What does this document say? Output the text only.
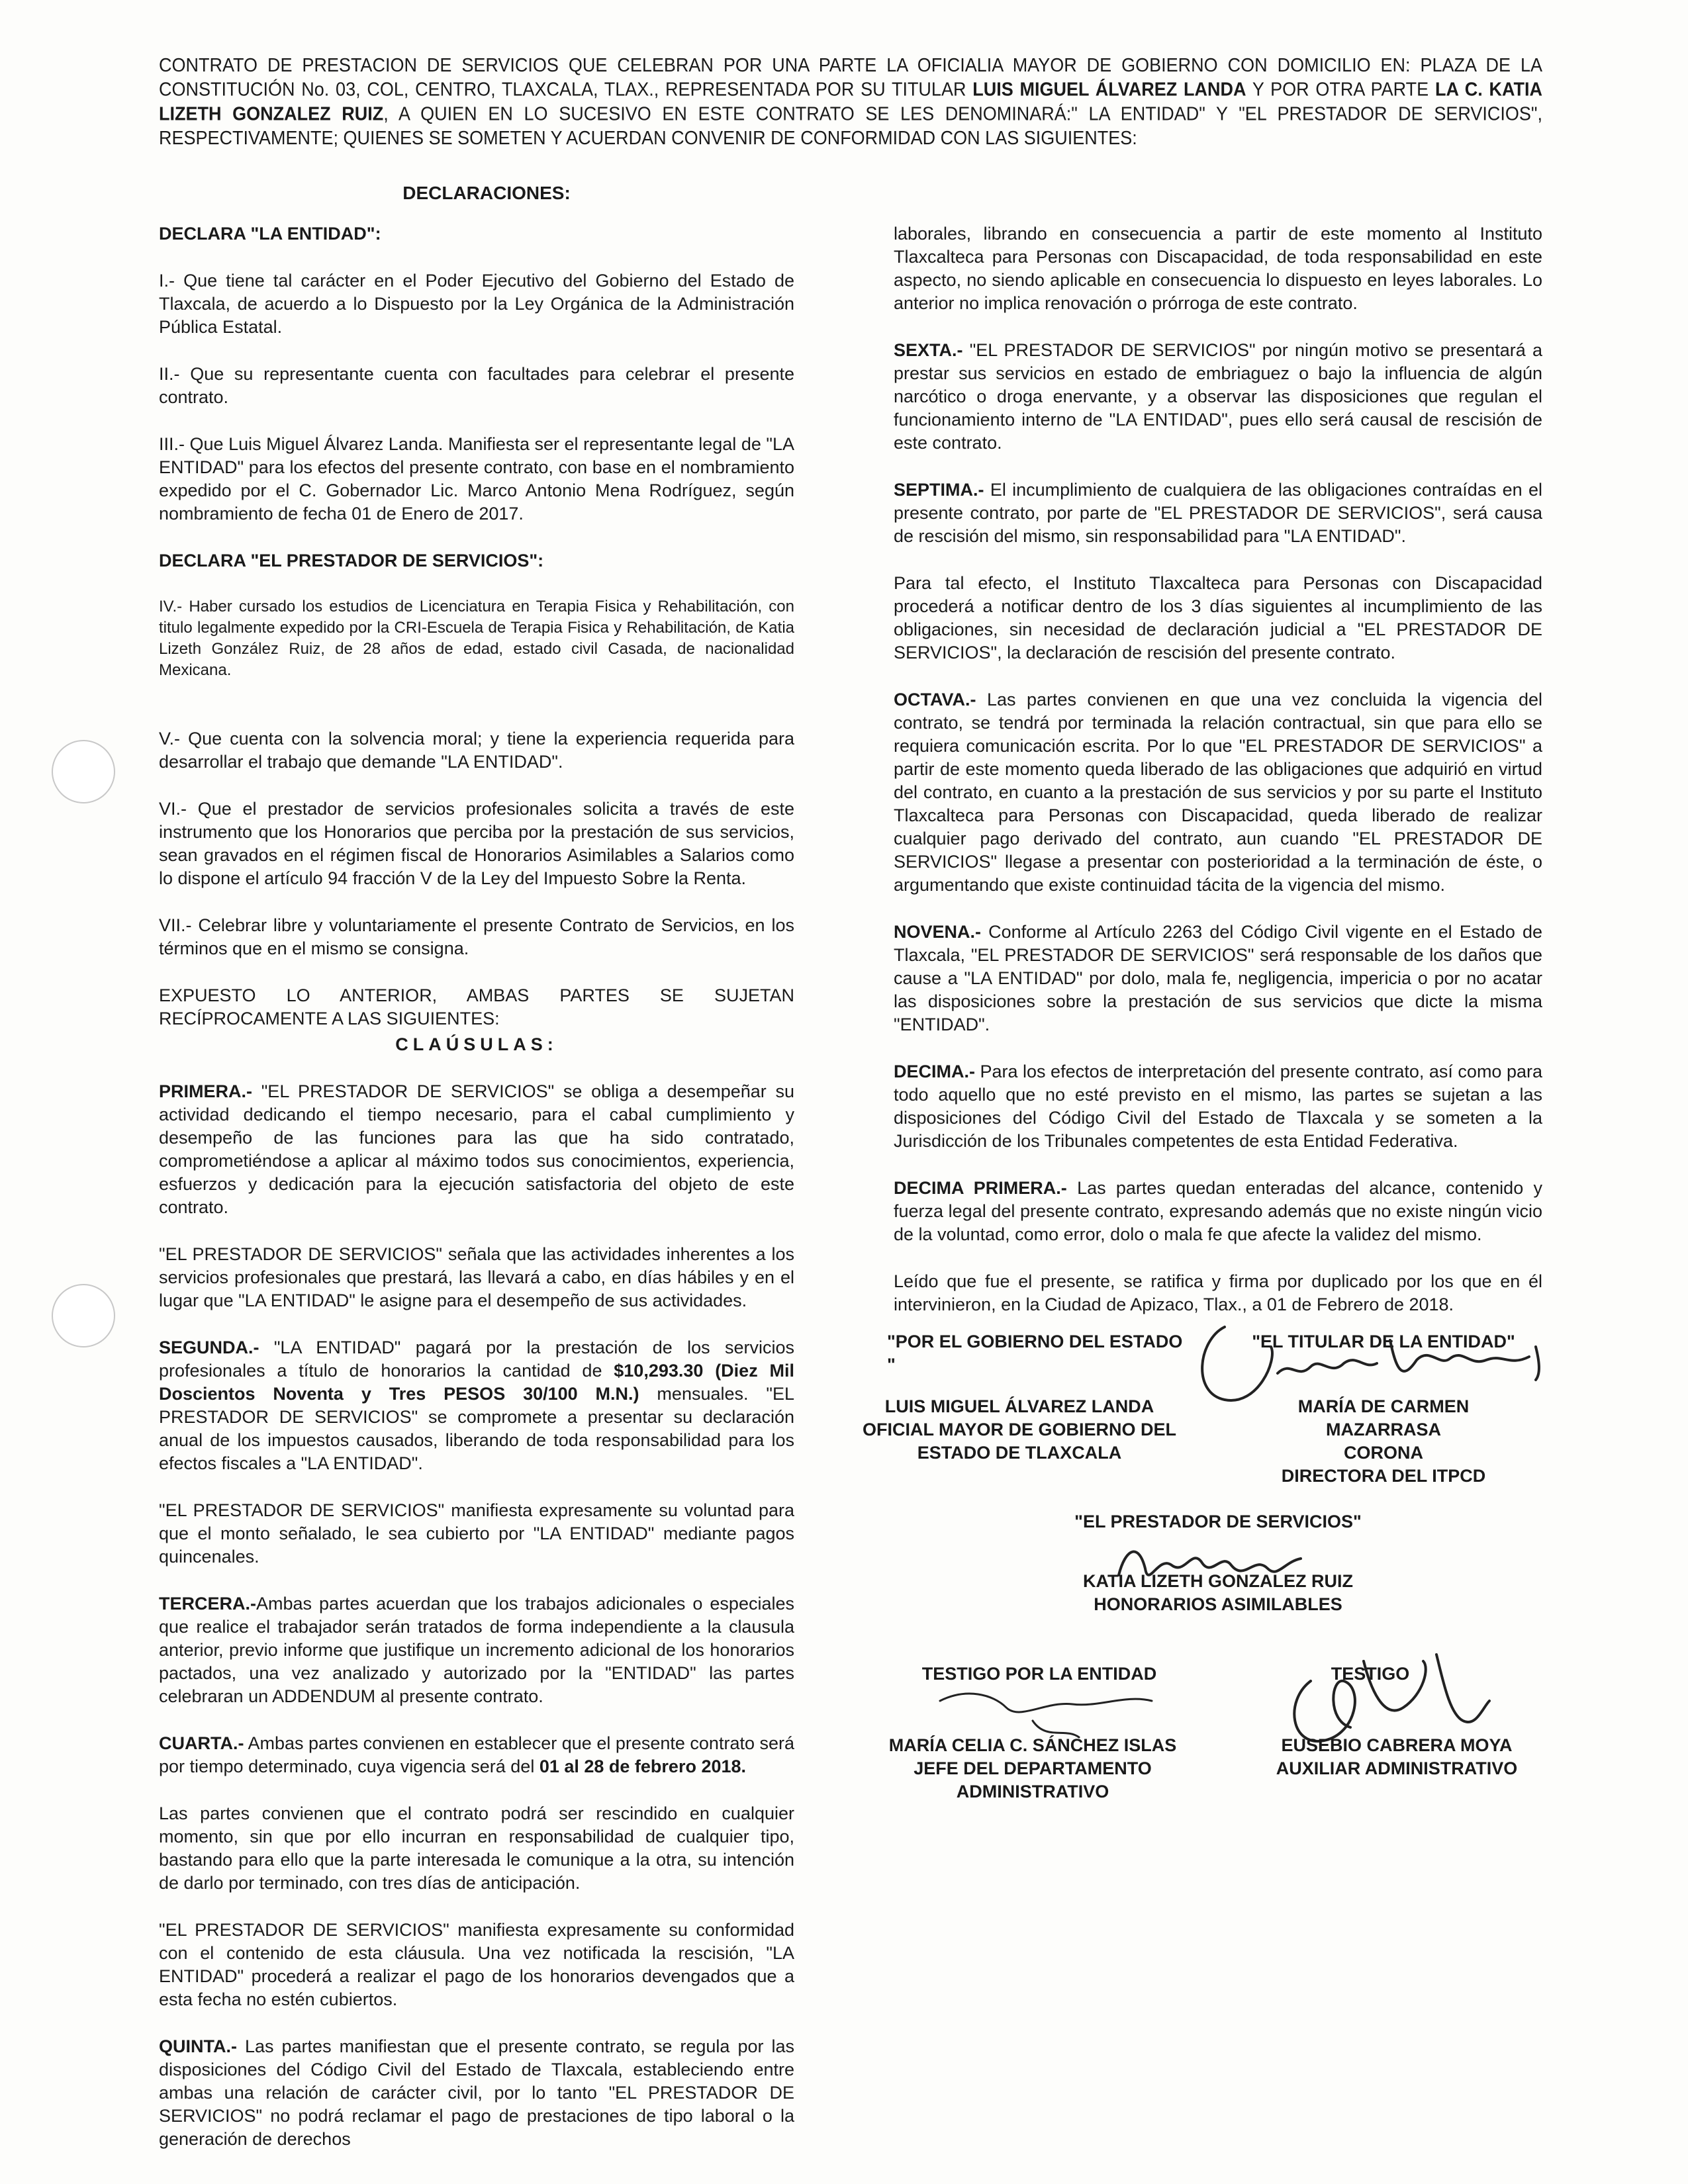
CONTRATO DE PRESTACION DE SERVICIOS QUE CELEBRAN POR UNA PARTE LA OFICIALIA MAYOR DE GOBIERNO CON DOMICILIO EN: PLAZA DE LA CONSTITUCIÓN No. 03, COL, CENTRO, TLAXCALA, TLAX., REPRESENTADA POR SU TITULAR LUIS MIGUEL ÁLVAREZ LANDA Y POR OTRA PARTE LA C. KATIA LIZETH GONZALEZ RUIZ, A QUIEN EN LO SUCESIVO EN ESTE CONTRATO SE LES DENOMINARÁ:" LA ENTIDAD" Y "EL PRESTADOR DE SERVICIOS", RESPECTIVAMENTE; QUIENES SE SOMETEN Y ACUERDAN CONVENIR DE CONFORMIDAD CON LAS SIGUIENTES:
DECLARACIONES:

DECLARA "LA ENTIDAD":

I.- Que tiene tal carácter en el Poder Ejecutivo del Gobierno del Estado de Tlaxcala, de acuerdo a lo Dispuesto por la Ley Orgánica de la Administración Pública Estatal.

II.- Que su representante cuenta con facultades para celebrar el presente contrato.

III.- Que Luis Miguel Álvarez Landa. Manifiesta ser el representante legal de "LA ENTIDAD" para los efectos del presente contrato, con base en el nombramiento expedido por el C. Gobernador Lic. Marco Antonio Mena Rodríguez, según nombramiento de fecha 01 de Enero de 2017.

DECLARA "EL PRESTADOR DE SERVICIOS":

IV.- Haber cursado los estudios de Licenciatura en Terapia Fisica y Rehabilitación, con titulo legalmente expedido por la CRI-Escuela de Terapia Fisica y Rehabilitación, de Katia Lizeth González Ruiz, de 28 años de edad, estado civil Casada, de nacionalidad Mexicana.

V.- Que cuenta con la solvencia moral; y tiene la experiencia requerida para desarrollar el trabajo que demande "LA ENTIDAD".

VI.- Que el prestador de servicios profesionales solicita a través de este instrumento que los Honorarios que perciba por la prestación de sus servicios, sean gravados en el régimen fiscal de Honorarios Asimilables a Salarios como lo dispone el artículo 94 fracción V de la Ley del Impuesto Sobre la Renta.

VII.- Celebrar libre y voluntariamente el presente Contrato de Servicios, en los términos que en el mismo se consigna.

EXPUESTO LO ANTERIOR, AMBAS PARTES SE SUJETAN RECÍPROCAMENTE A LAS SIGUIENTES:

CLAÚSULAS:

PRIMERA.- "EL PRESTADOR DE SERVICIOS" se obliga a desempeñar su actividad dedicando el tiempo necesario, para el cabal cumplimiento y desempeño de las funciones para las que ha sido contratado, comprometiéndose a aplicar al máximo todos sus conocimientos, experiencia, esfuerzos y dedicación para la ejecución satisfactoria del objeto de este contrato.

"EL PRESTADOR DE SERVICIOS" señala que las actividades inherentes a los servicios profesionales que prestará, las llevará a cabo, en días hábiles y en el lugar que "LA ENTIDAD" le asigne para el desempeño de sus actividades.

SEGUNDA.- "LA ENTIDAD" pagará por la prestación de los servicios profesionales a título de honorarios la cantidad de $10,293.30 (Diez Mil Doscientos Noventa y Tres PESOS 30/100 M.N.) mensuales. "EL PRESTADOR DE SERVICIOS" se compromete a presentar su declaración anual de los impuestos causados, liberando de toda responsabilidad para los efectos fiscales a "LA ENTIDAD".

"EL PRESTADOR DE SERVICIOS" manifiesta expresamente su voluntad para que el monto señalado, le sea cubierto por "LA ENTIDAD" mediante pagos quincenales.

TERCERA.-Ambas partes acuerdan que los trabajos adicionales o especiales que realice el trabajador serán tratados de forma independiente a la clausula anterior, previo informe que justifique un incremento adicional de los honorarios pactados, una vez analizado y autorizado por la "ENTIDAD" las partes celebraran un ADDENDUM al presente contrato.

CUARTA.- Ambas partes convienen en establecer que el presente contrato será por tiempo determinado, cuya vigencia será del 01 al 28 de febrero 2018.

Las partes convienen que el contrato podrá ser rescindido en cualquier momento, sin que por ello incurran en responsabilidad de cualquier tipo, bastando para ello que la parte interesada le comunique a la otra, su intención de darlo por terminado, con tres días de anticipación.

"EL PRESTADOR DE SERVICIOS" manifiesta expresamente su conformidad con el contenido de esta cláusula. Una vez notificada la rescisión, "LA ENTIDAD" procederá a realizar el pago de los honorarios devengados que a esta fecha no estén cubiertos.

QUINTA.- Las partes manifiestan que el presente contrato, se regula por las disposiciones del Código Civil del Estado de Tlaxcala, estableciendo entre ambas una relación de carácter civil, por lo tanto "EL PRESTADOR DE SERVICIOS" no podrá reclamar el pago de prestaciones de tipo laboral o la generación de derechos

laborales, librando en consecuencia a partir de este momento al Instituto Tlaxcalteca para Personas con Discapacidad, de toda responsabilidad en este aspecto, no siendo aplicable en consecuencia lo dispuesto en leyes laborales. Lo anterior no implica renovación o prórroga de este contrato.

SEXTA.- "EL PRESTADOR DE SERVICIOS" por ningún motivo se presentará a prestar sus servicios en estado de embriaguez o bajo la influencia de algún narcótico o droga enervante, y a observar las disposiciones que regulan el funcionamiento interno de "LA ENTIDAD", pues ello será causal de rescisión de este contrato.

SEPTIMA.- El incumplimiento de cualquiera de las obligaciones contraídas en el presente contrato, por parte de "EL PRESTADOR DE SERVICIOS", será causa de rescisión del mismo, sin responsabilidad para "LA ENTIDAD".

Para tal efecto, el Instituto Tlaxcalteca para Personas con Discapacidad procederá a notificar dentro de los 3 días siguientes al incumplimiento de las obligaciones, sin necesidad de declaración judicial a "EL PRESTADOR DE SERVICIOS", la declaración de rescisión del presente contrato.

OCTAVA.- Las partes convienen en que una vez concluida la vigencia del contrato, se tendrá por terminada la relación contractual, sin que para ello se requiera comunicación escrita. Por lo que "EL PRESTADOR DE SERVICIOS" a partir de este momento queda liberado de las obligaciones que adquirió en virtud del contrato, en cuanto a la prestación de sus servicios y por su parte el Instituto Tlaxcalteca para Personas con Discapacidad, queda liberado de realizar cualquier pago derivado del contrato, aun cuando "EL PRESTADOR DE SERVICIOS" llegase a presentar con posterioridad a la terminación de éste, o argumentando que existe continuidad tácita de la vigencia del mismo.

NOVENA.- Conforme al Artículo 2263 del Código Civil vigente en el Estado de Tlaxcala, "EL PRESTADOR DE SERVICIOS" será responsable de los daños que cause a "LA ENTIDAD" por dolo, mala fe, negligencia, impericia o por no acatar las disposiciones sobre la prestación de sus servicios que dicte la misma "ENTIDAD".

DECIMA.- Para los efectos de interpretación del presente contrato, así como para todo aquello que no esté previsto en el mismo, las partes se sujetan a las disposiciones del Código Civil del Estado de Tlaxcala y se someten a la Jurisdicción de los Tribunales competentes de esta Entidad Federativa.

DECIMA PRIMERA.- Las partes quedan enteradas del alcance, contenido y fuerza legal del presente contrato, expresando además que no existe ningún vicio de la voluntad, como error, dolo o mala fe que afecte la validez del mismo.

Leído que fue el presente, se ratifica y firma por duplicado por los que en él intervinieron, en la Ciudad de Apizaco, Tlax., a 01 de Febrero de 2018.

"POR EL GOBIERNO DEL ESTADO "
"EL TITULAR DE LA ENTIDAD"
LUIS MIGUEL ÁLVAREZ LANDA
OFICIAL MAYOR DE GOBIERNO DEL
ESTADO DE TLAXCALA
MARÍA DE CARMEN MAZARRASA
CORONA
DIRECTORA DEL ITPCD
"EL PRESTADOR DE SERVICIOS"
KATIA LIZETH GONZALEZ RUIZ
HONORARIOS ASIMILABLES
TESTIGO POR LA ENTIDAD	TESTIGO
MARÍA CELIA C. SÁNCHEZ ISLAS
JEFE DEL DEPARTAMENTO
ADMINISTRATIVO
EUSEBIO CABRERA MOYA
AUXILIAR ADMINISTRATIVO
